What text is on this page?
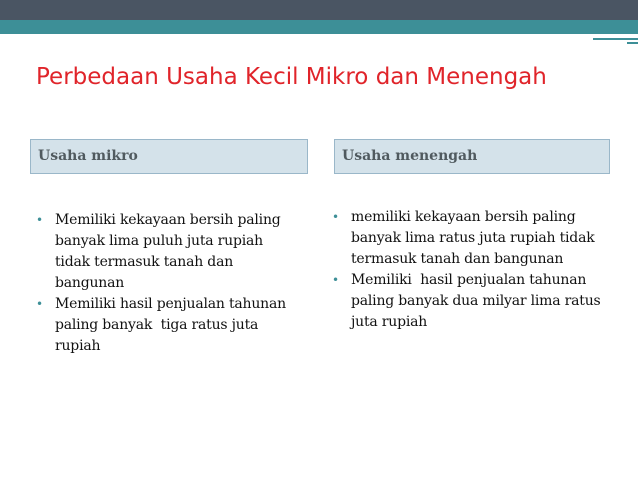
Perbedaan Usaha Kecil Mikro dan Menengah
Usaha mikro	Usaha menengah
• Memiliki kekayaan bersih paling banyak lima puluh juta rupiah tidak termasuk tanah dan bangunan
• Memiliki hasil penjualan tahunan  paling banyak  tiga ratus juta rupiah
• memiliki kekayaan bersih paling banyak lima ratus juta rupiah tidak termasuk tanah dan bangunan
• Memiliki  hasil penjualan tahunan paling banyak dua milyar lima ratus juta rupiah
